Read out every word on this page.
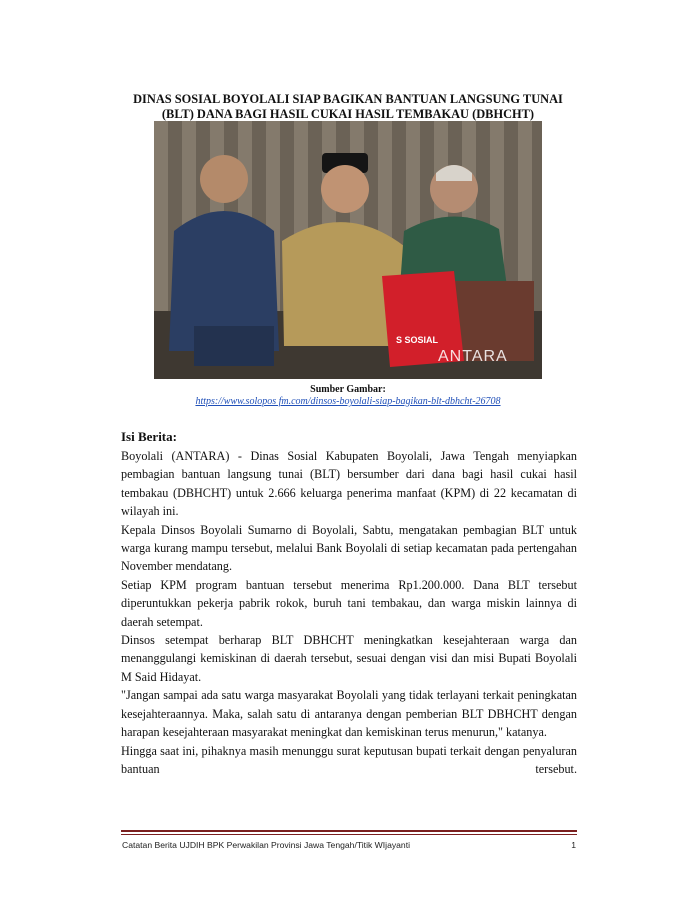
DINAS SOSIAL BOYOLALI SIAP BAGIKAN BANTUAN LANGSUNG TUNAI
(BLT) DANA BAGI HASIL CUKAI HASIL TEMBAKAU (DBHCHT)
S SOSIAL
ANTARA
Sumber Gambar:
https://www.solopos fm.com/dinsos-boyolali-siap-bagikan-blt-dbhcht-26708
Isi Berita:

Boyolali (ANTARA) - Dinas Sosial Kabupaten Boyolali, Jawa Tengah menyiapkan pembagian bantuan langsung tunai (BLT) bersumber dari dana bagi hasil cukai hasil tembakau (DBHCHT) untuk 2.666 keluarga penerima manfaat (KPM) di 22 kecamatan di wilayah ini.

Kepala Dinsos Boyolali Sumarno di Boyolali, Sabtu, mengatakan pembagian BLT untuk warga kurang mampu tersebut, melalui Bank Boyolali di setiap kecamatan pada pertengahan November mendatang.

Setiap KPM program bantuan tersebut menerima Rp1.200.000. Dana BLT tersebut diperuntukkan pekerja pabrik rokok, buruh tani tembakau, dan warga miskin lainnya di daerah setempat.

Dinsos setempat berharap BLT DBHCHT meningkatkan kesejahteraan warga dan menanggulangi kemiskinan di daerah tersebut, sesuai dengan visi dan misi Bupati Boyolali M Said Hidayat.

"Jangan sampai ada satu warga masyarakat Boyolali yang tidak terlayani terkait peningkatan kesejahteraannya. Maka, salah satu di antaranya dengan pemberian BLT DBHCHT dengan harapan kesejahteraan masyarakat meningkat dan kemiskinan terus menurun," katanya.

Hingga saat ini, pihaknya masih menunggu surat keputusan bupati terkait dengan penyaluran bantuan tersebut.

Catatan Berita UJDIH BPK Perwakilan Provinsi Jawa Tengah/Titik WIjayanti	1
